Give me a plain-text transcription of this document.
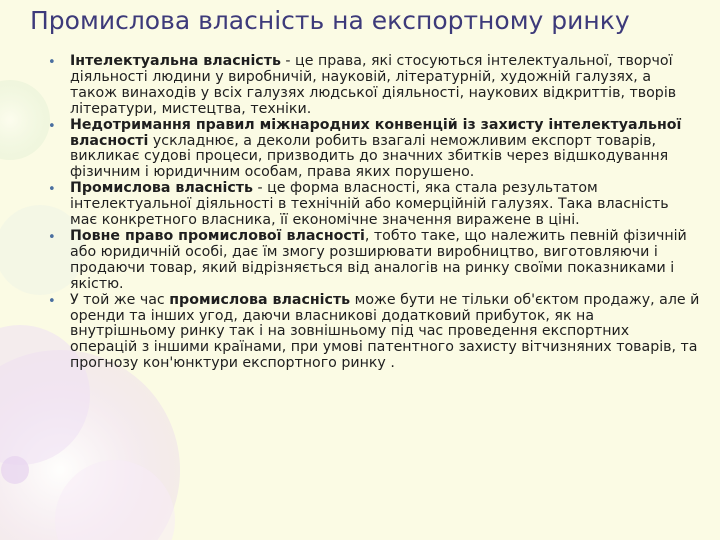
Промислова власність на експортному ринку
•	Інтелектуальна власність - це права, які стосуються інтелектуальної, творчої діяльності людини у виробничій, науковій, літературній, художній галузях, а також винаходів у всіх галузях людської діяльності, наукових відкриттів, творів літератури, мистецтва, техніки.
•	Недотримання правил міжнародних конвенцій із захисту інтелектуальної власності ускладнює, а деколи робить взагалі неможливим експорт товарів, викликає судові процеси, призводить до значних збитків через відшкодування фізичним і юридичним особам, права яких порушено.
•	Промислова власність - це форма власності, яка стала результатом інтелектуальної діяльності в технічній або комерційній галузях. Така власність має конкретного власника, її економічне значення виражене в ціні.
•	Повне право промислової власності, тобто таке, що належить певній фізичній або юридичній особі, дає їм змогу розширювати виробництво, виготовляючи і продаючи товар, який відрізняється від аналогів на ринку своїми показниками і якістю.
•	У той же час промислова власність може бути не тільки об'єктом продажу, але й оренди та інших угод, даючи власникові додатковий прибуток, як на внутрішньому ринку так і на зовнішньому під час проведення експортних операцій з іншими країнами, при умові патентного захисту вітчизняних товарів, та прогнозу кон'юнктури експортного ринку .
